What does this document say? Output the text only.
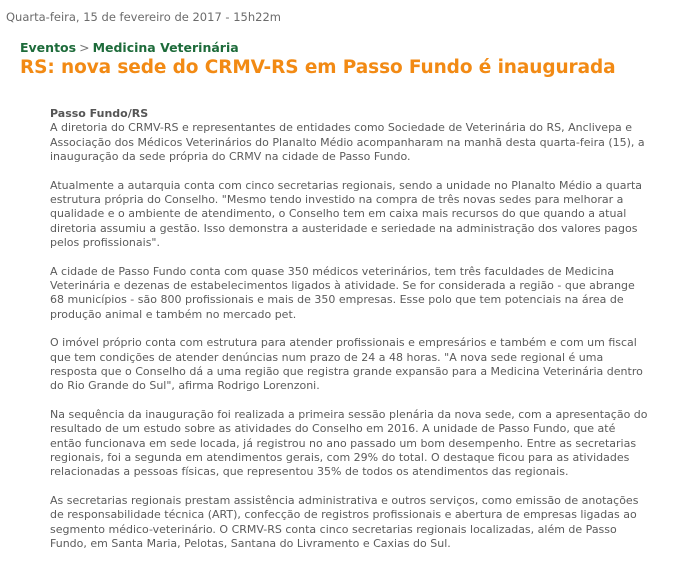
Quarta-feira, 15 de fevereiro de 2017 - 15h22m
Eventos > Medicina Veterinária
RS: nova sede do CRMV-RS em Passo Fundo é inaugurada

Passo Fundo/RS
A diretoria do CRMV-RS e representantes de entidades como Sociedade de Veterinária do RS, Anclivepa e Associação dos Médicos Veterinários do Planalto Médio acompanharam na manhã desta quarta-feira (15), a inauguração da sede própria do CRMV na cidade de Passo Fundo.

Atualmente a autarquia conta com cinco secretarias regionais, sendo a unidade no Planalto Médio a quarta estrutura própria do Conselho. "Mesmo tendo investido na compra de três novas sedes para melhorar a qualidade e o ambiente de atendimento, o Conselho tem em caixa mais recursos do que quando a atual diretoria assumiu a gestão. Isso demonstra a austeridade e seriedade na administração dos valores pagos pelos profissionais".

A cidade de Passo Fundo conta com quase 350 médicos veterinários, tem três faculdades de Medicina Veterinária e dezenas de estabelecimentos ligados à atividade. Se for considerada a região - que abrange 68 municípios - são 800 profissionais e mais de 350 empresas. Esse polo que tem potenciais na área de produção animal e também no mercado pet.

O imóvel próprio conta com estrutura para atender profissionais e empresários e também e com um fiscal que tem condições de atender denúncias num prazo de 24 a 48 horas. "A nova sede regional é uma resposta que o Conselho dá a uma região que registra grande expansão para a Medicina Veterinária dentro do Rio Grande do Sul", afirma Rodrigo Lorenzoni.

Na sequência da inauguração foi realizada a primeira sessão plenária da nova sede, com a apresentação do resultado de um estudo sobre as atividades do Conselho em 2016. A unidade de Passo Fundo, que até então funcionava em sede locada, já registrou no ano passado um bom desempenho. Entre as secretarias regionais, foi a segunda em atendimentos gerais, com 29% do total. O destaque ficou para as atividades relacionadas a pessoas físicas, que representou 35% de todos os atendimentos das regionais.

As secretarias regionais prestam assistência administrativa e outros serviços, como emissão de anotações de responsabilidade técnica (ART), confecção de registros profissionais e abertura de empresas ligadas ao segmento médico-veterinário. O CRMV-RS conta cinco secretarias regionais localizadas, além de Passo Fundo, em Santa Maria, Pelotas, Santana do Livramento e Caxias do Sul.
